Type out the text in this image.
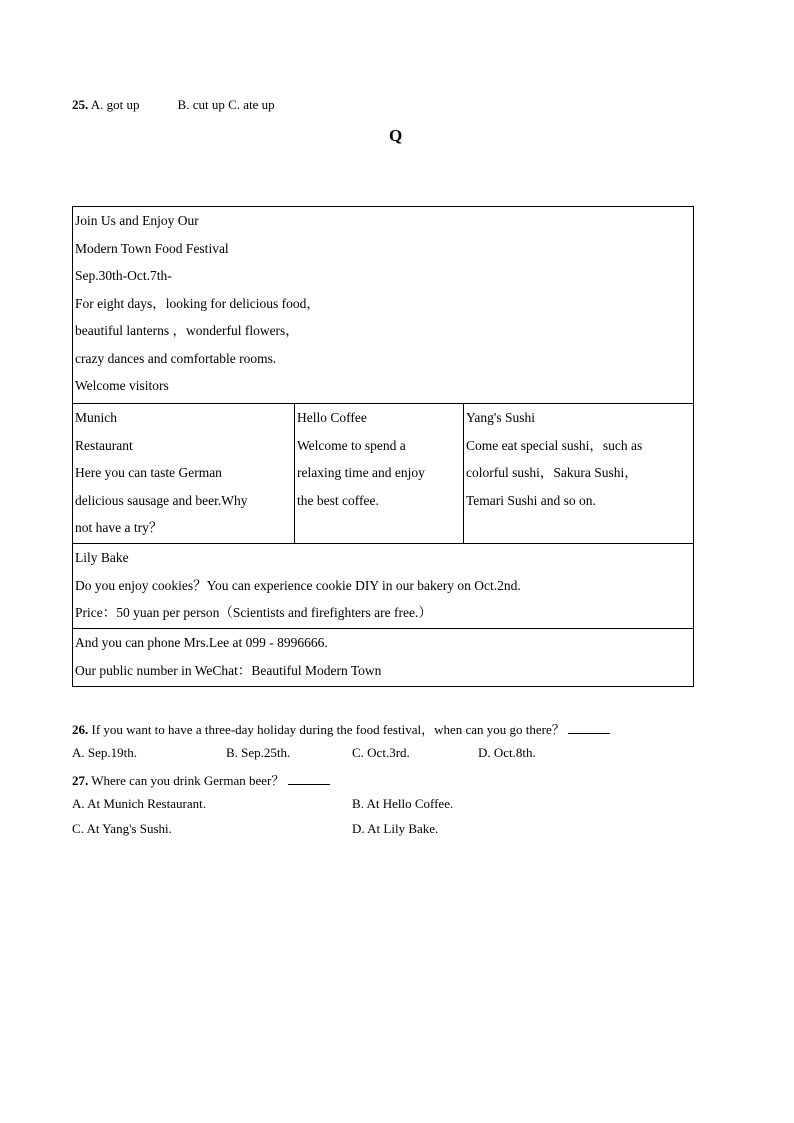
25. A. got up	B. cut up C. ate up
Q
Join Us and Enjoy Our
Modern Town Food Festival
Sep.30th-Oct.7th-
For eight days，looking for delicious food，
beautiful lanterns ，wonderful flowers，
crazy dances and comfortable rooms.
Welcome visitors

Munich
Restaurant
Here you can taste German
delicious sausage and beer.Why
not have a try？

Hello Coffee
Welcome to spend a
relaxing time and enjoy
the best coffee.

Yang's Sushi
Come eat special sushi，such as
colorful sushi，Sakura Sushi，
Temari Sushi and so on.

Lily Bake
Do you enjoy cookies？You can experience cookie DIY in our bakery on Oct.2nd.
Price：50 yuan per person（Scientists and firefighters are free.）

And you can phone Mrs.Lee at 099 - 8996666.
Our public number in WeChat：Beautiful Modern Town
26. If you want to have a three-day holiday during the food festival，when can you go there？
A. Sep.19th.	B. Sep.25th.	C. Oct.3rd.	D. Oct.8th.
27. Where can you drink German beer？
A. At Munich Restaurant.	B. At Hello Coffee.
C. At Yang's Sushi.	D. At Lily Bake.
